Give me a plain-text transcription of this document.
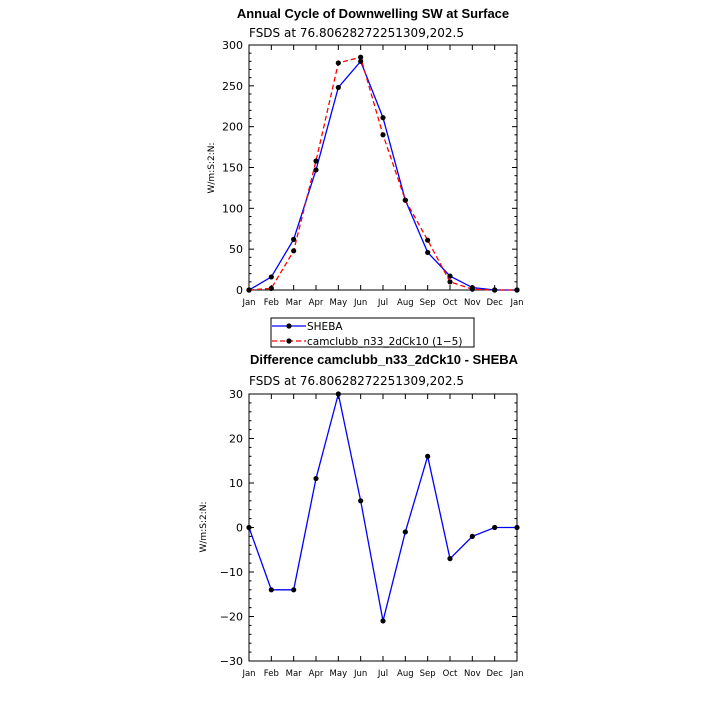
Annual Cycle of Downwelling SW at Surface
FSDS at 76.80628272251309,202.5
W/m:S:2:N:
0
50
100
150
200
250
300
Jan Feb Mar Apr May Jun Jul Aug Sep Oct Nov Dec Jan
SHEBA
camclubb_n33_2dCk10 (1−5)
Difference camclubb_n33_2dCk10 - SHEBA
FSDS at 76.80628272251309,202.5
W/m:S:2:N:
−30
−20
−10
0
10
20
30
Jan Feb Mar Apr May Jun Jul Aug Sep Oct Nov Dec Jan
